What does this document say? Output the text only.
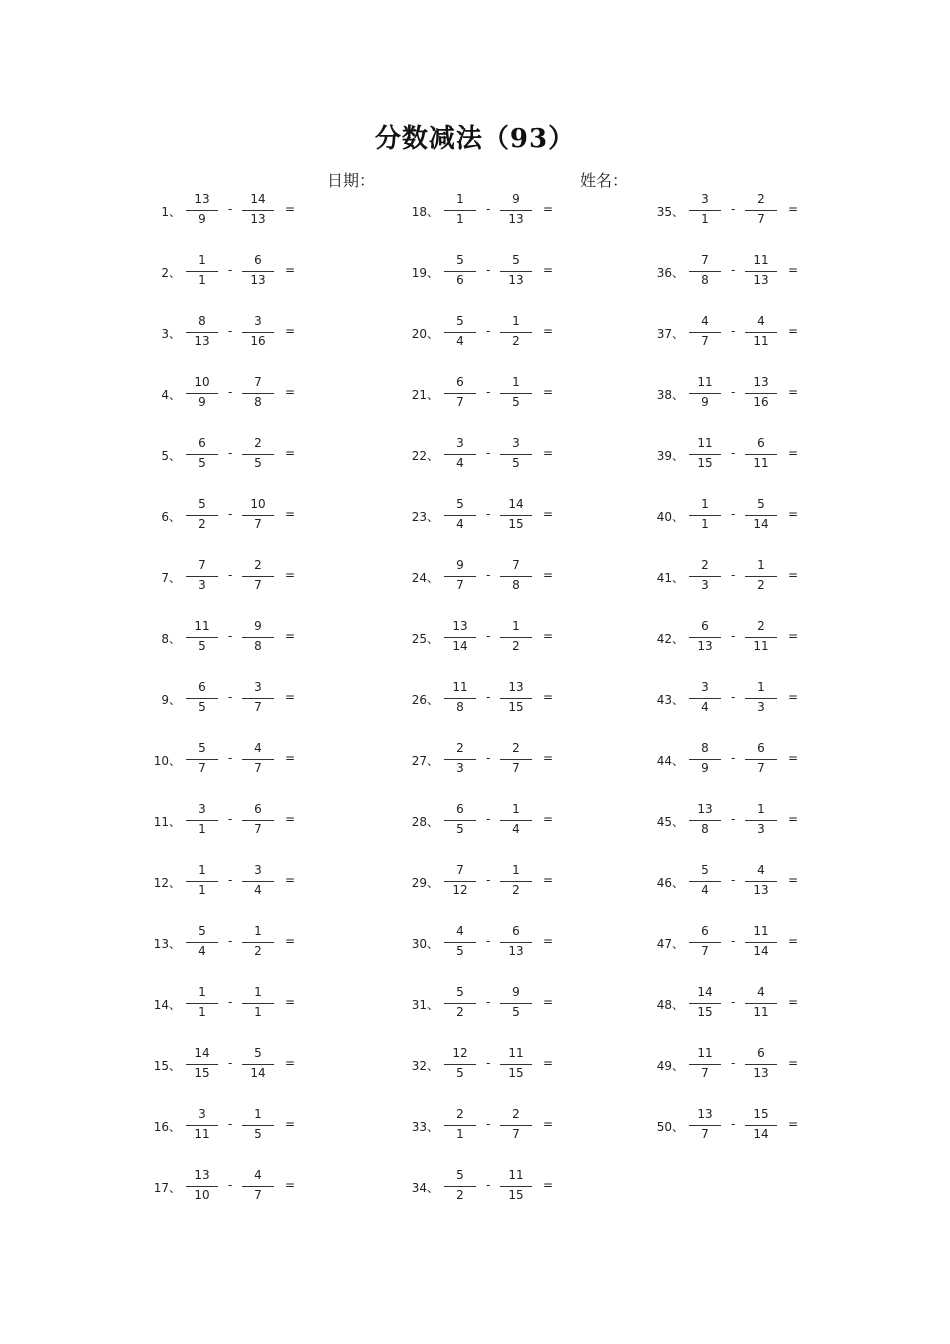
分数减法（93）
日期：	姓名：
1、
13
9
-
14
13
=
2、
1
1
-
6
13
=
3、
8
13
-
3
16
=
4、
10
9
-
7
8
=
5、
6
5
-
2
5
=
6、
5
2
-
10
7
=
7、
7
3
-
2
7
=
8、
11
5
-
9
8
=
9、
6
5
-
3
7
=
10、
5
7
-
4
7
=
11、
3
1
-
6
7
=
12、
1
1
-
3
4
=
13、
5
4
-
1
2
=
14、
1
1
-
1
1
=
15、
14
15
-
5
14
=
16、
3
11
-
1
5
=
17、
13
10
-
4
7
=
18、
1
1
-
9
13
=
19、
5
6
-
5
13
=
20、
5
4
-
1
2
=
21、
6
7
-
1
5
=
22、
3
4
-
3
5
=
23、
5
4
-
14
15
=
24、
9
7
-
7
8
=
25、
13
14
-
1
2
=
26、
11
8
-
13
15
=
27、
2
3
-
2
7
=
28、
6
5
-
1
4
=
29、
7
12
-
1
2
=
30、
4
5
-
6
13
=
31、
5
2
-
9
5
=
32、
12
5
-
11
15
=
33、
2
1
-
2
7
=
34、
5
2
-
11
15
=
35、
3
1
-
2
7
=
36、
7
8
-
11
13
=
37、
4
7
-
4
11
=
38、
11
9
-
13
16
=
39、
11
15
-
6
11
=
40、
1
1
-
5
14
=
41、
2
3
-
1
2
=
42、
6
13
-
2
11
=
43、
3
4
-
1
3
=
44、
8
9
-
6
7
=
45、
13
8
-
1
3
=
46、
5
4
-
4
13
=
47、
6
7
-
11
14
=
48、
14
15
-
4
11
=
49、
11
7
-
6
13
=
50、
13
7
-
15
14
=
